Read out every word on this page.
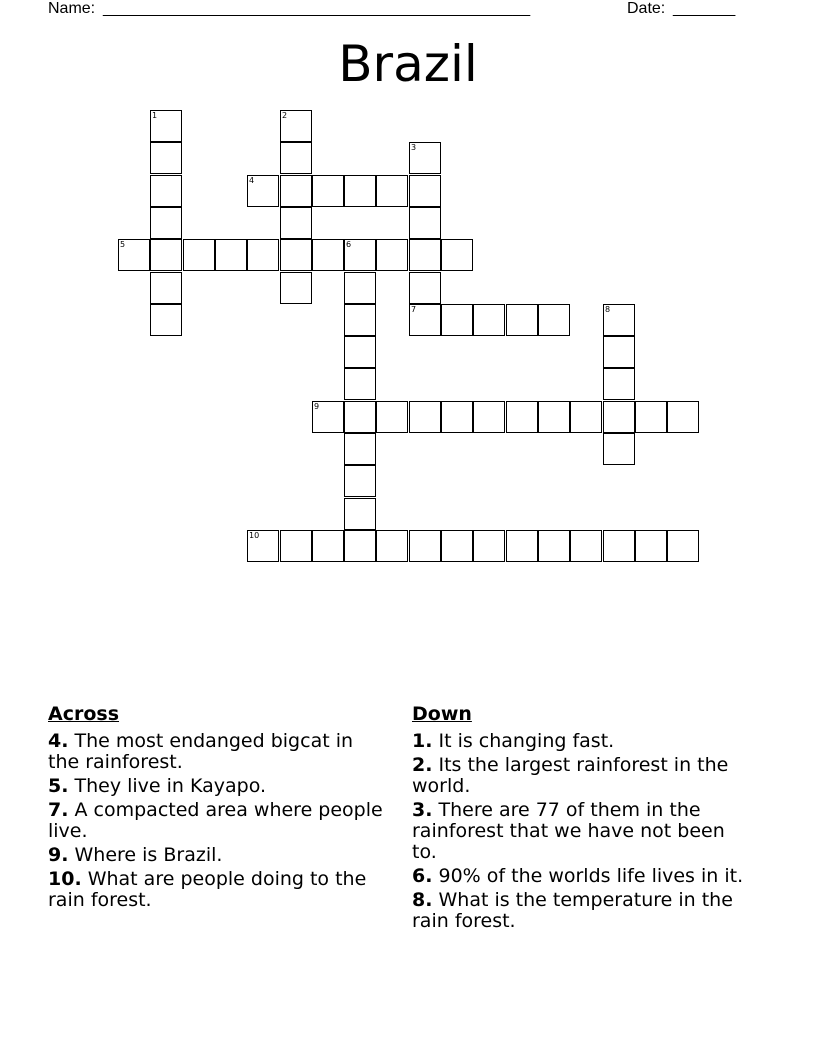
Name: ________________________________________________	Date: _______
Brazil
1	2
3
7
4
5	6
8
9
10
Across
4. The most endanged bigcat in the rainforest.
5. They live in Kayapo.
7. A compacted area where people live.
9. Where is Brazil.
10. What are people doing to the rain forest.
Down
1. It is changing fast.
2. Its the largest rainforest in the world.
3. There are 77 of them in the rainforest that we have not been to.
6. 90% of the worlds life lives in it.
8. What is the temperature in the rain forest.
